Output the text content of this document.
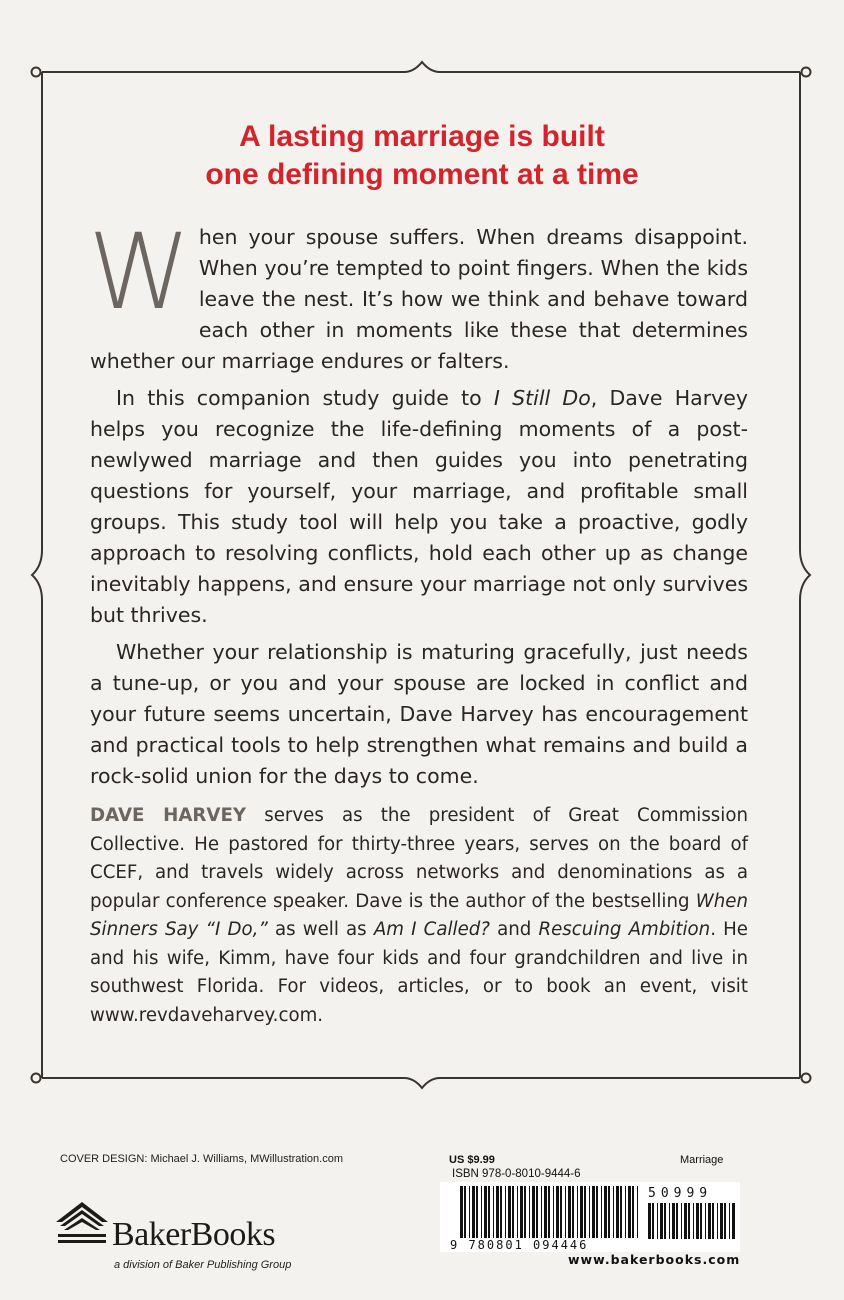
A lasting marriage is built
one defining moment at a time

When your spouse suffers. When dreams disappoint. When you’re tempted to point fingers. When the kids leave the nest. It’s how we think and behave toward each other in moments like these that determines whether our marriage endures or falters.

In this companion study guide to I Still Do, Dave Harvey helps you recognize the life-defining moments of a post-newlywed marriage and then guides you into penetrating questions for yourself, your marriage, and profitable small groups. This study tool will help you take a proactive, godly approach to resolving conflicts, hold each other up as change inevitably happens, and ensure your marriage not only survives but thrives.

Whether your relationship is maturing gracefully, just needs a tune-up, or you and your spouse are locked in conflict and your future seems uncertain, Dave Harvey has encouragement and practical tools to help strengthen what remains and build a rock-solid union for the days to come.

DAVE HARVEY serves as the president of Great Commission Collective. He pastored for thirty-three years, serves on the board of CCEF, and travels widely across networks and denominations as a popular conference speaker. Dave is the author of the bestselling When Sinners Say “I Do,” as well as Am I Called? and Rescuing Ambition. He and his wife, Kimm, have four kids and four grandchildren and live in southwest Florida. For videos, articles, or to book an event, visit www.revdaveharvey.com.
COVER DESIGN: Michael J. Williams, MWillustration.com
BakerBooks
a division of Baker Publishing Group
US $9.99	Marriage
ISBN 978-0-8010-9444-6
50999
9 780801 094446
www.bakerbooks.com
